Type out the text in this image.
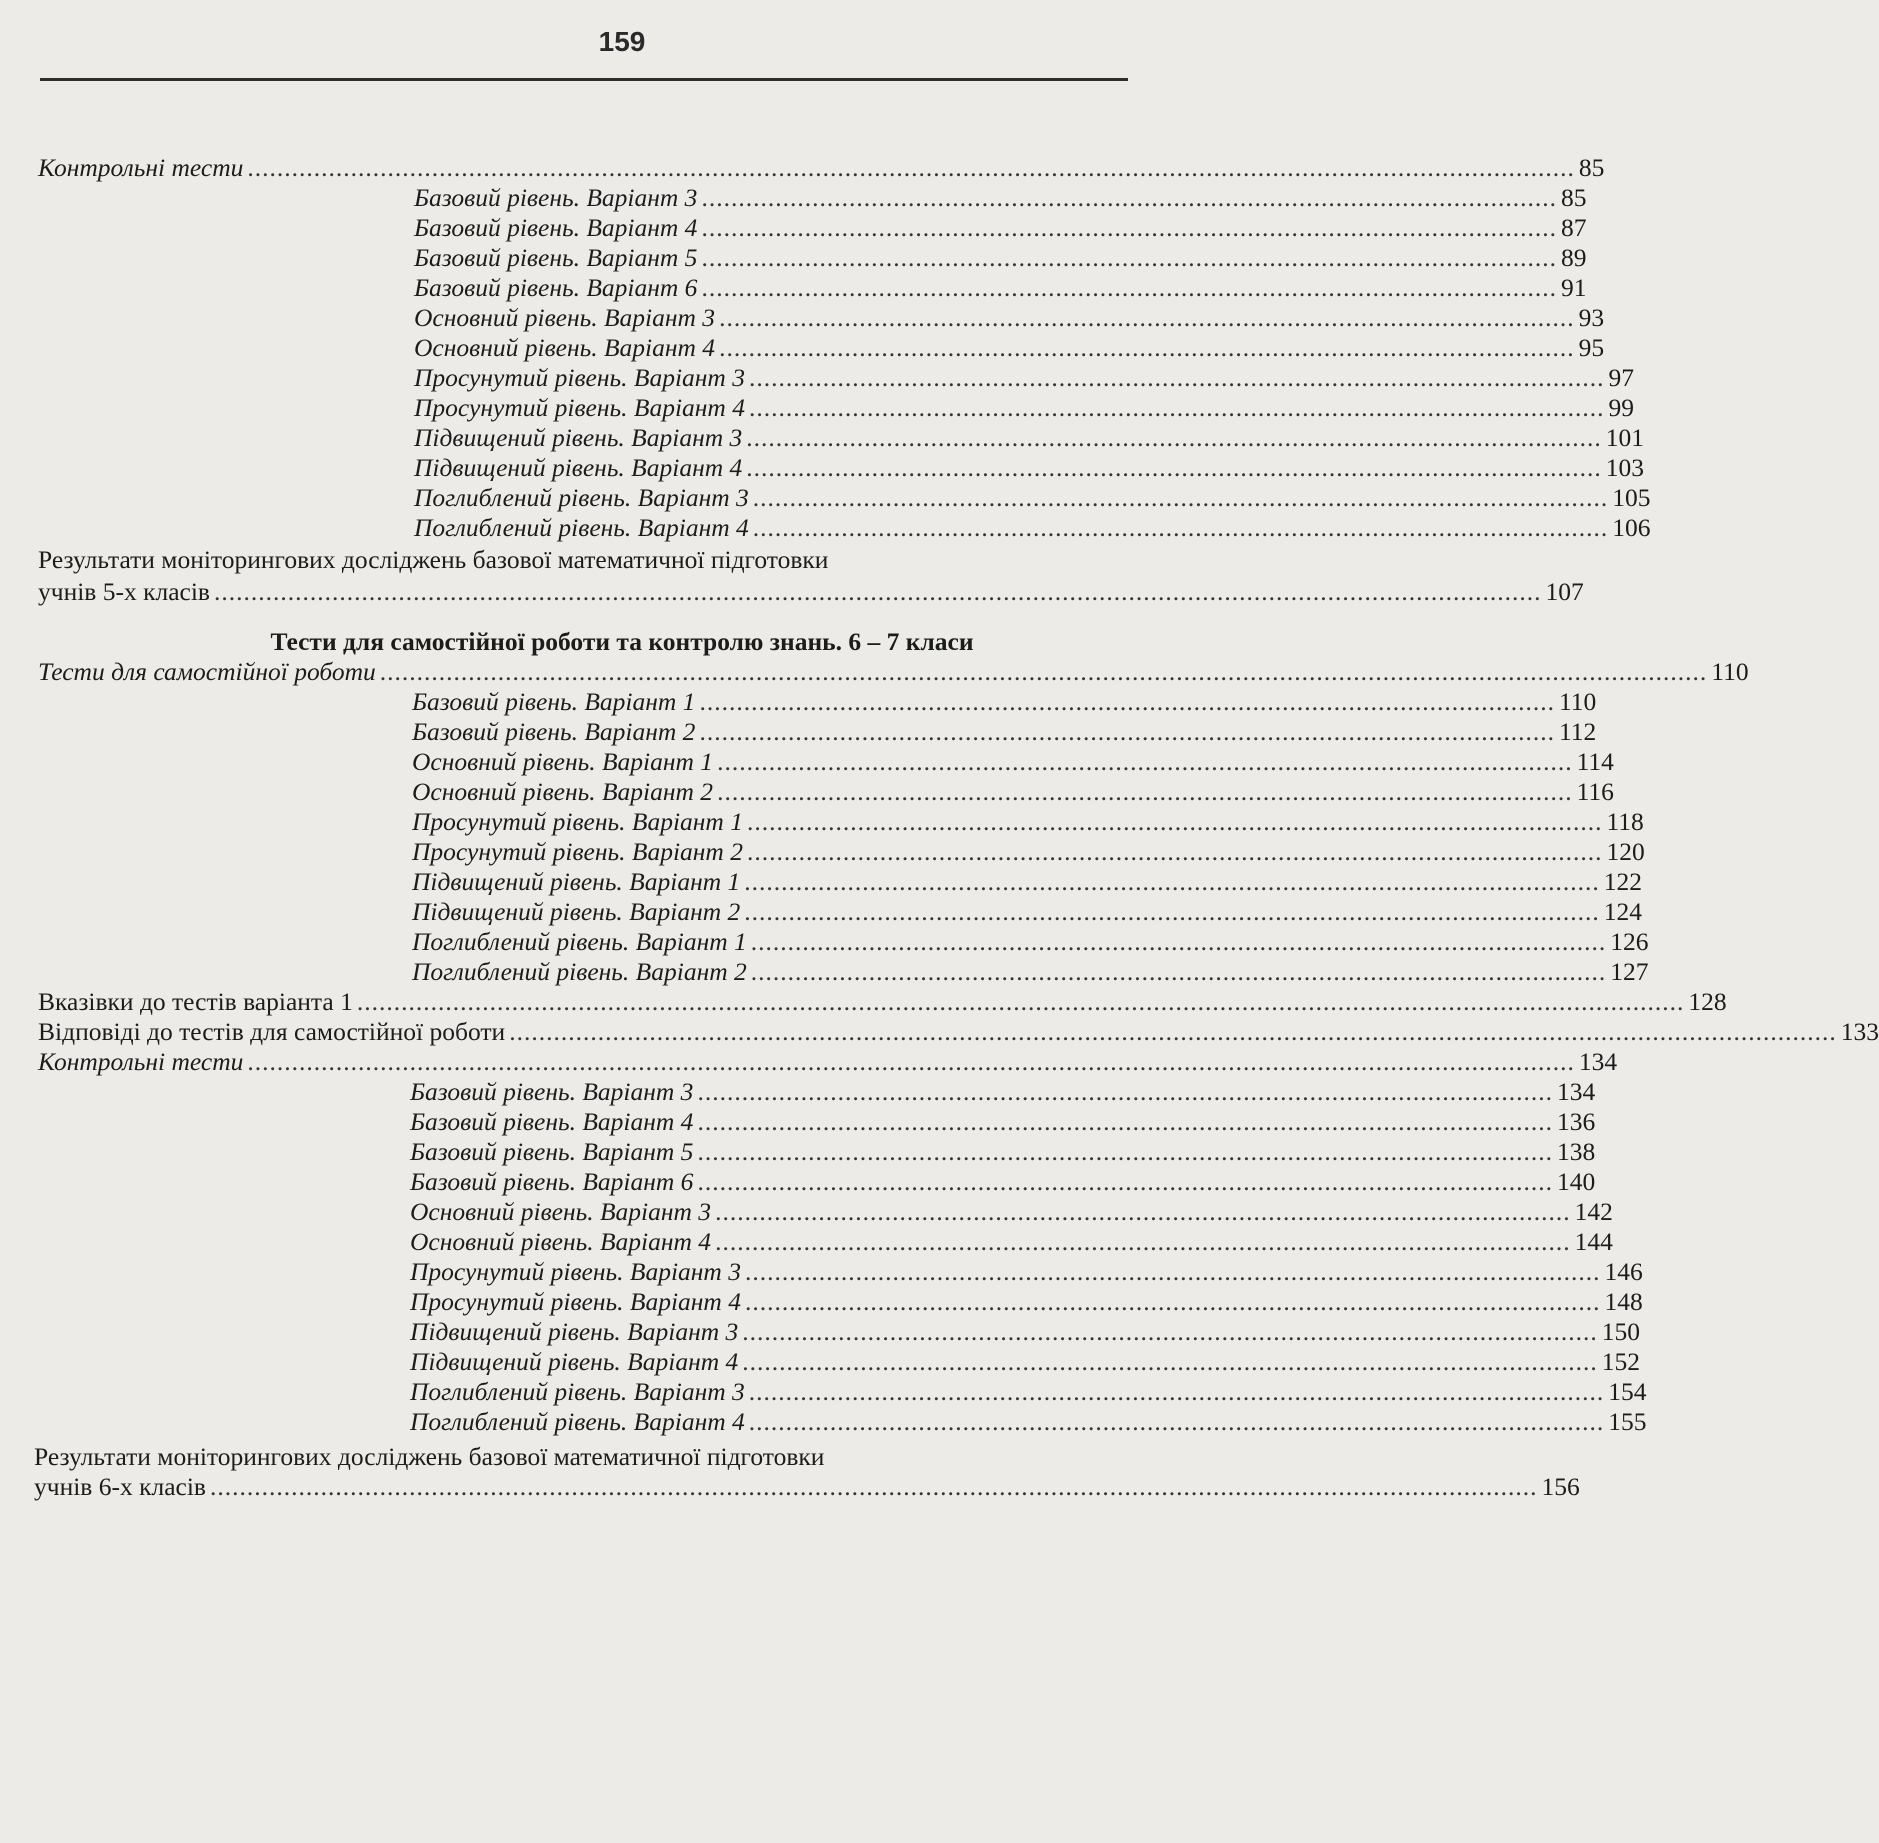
159
Контрольні тести .................................................................................................................................................................................... 85
Базовий рівень. Варіант 3 .................................................................................................................... 85
Базовий рівень. Варіант 4 .................................................................................................................... 87
Базовий рівень. Варіант 5 .................................................................................................................... 89
Базовий рівень. Варіант 6 .................................................................................................................... 91
Основний рівень. Варіант 3 .................................................................................................................... 93
Основний рівень. Варіант 4 .................................................................................................................... 95
Просунутий рівень. Варіант 3 .................................................................................................................... 97
Просунутий рівень. Варіант 4 .................................................................................................................... 99
Підвищений рівень. Варіант 3 .................................................................................................................... 101
Підвищений рівень. Варіант 4 .................................................................................................................... 103
Поглиблений рівень. Варіант 3 .................................................................................................................... 105
Поглиблений рівень. Варіант 4 .................................................................................................................... 106
Результати моніторингових досліджень базової математичної підготовки
учнів 5-х класів .................................................................................................................................................................................... 107
Тести для самостійної роботи та контролю знань. 6 – 7 класи
Тести для самостійної роботи .................................................................................................................................................................................... 110
Базовий рівень. Варіант 1 .................................................................................................................... 110
Базовий рівень. Варіант 2 .................................................................................................................... 112
Основний рівень. Варіант 1 .................................................................................................................... 114
Основний рівень. Варіант 2 .................................................................................................................... 116
Просунутий рівень. Варіант 1 .................................................................................................................... 118
Просунутий рівень. Варіант 2 .................................................................................................................... 120
Підвищений рівень. Варіант 1 .................................................................................................................... 122
Підвищений рівень. Варіант 2 .................................................................................................................... 124
Поглиблений рівень. Варіант 1 .................................................................................................................... 126
Поглиблений рівень. Варіант 2 .................................................................................................................... 127
Вказівки до тестів варіанта 1 .................................................................................................................................................................................... 128
Відповіді до тестів для самостійної роботи .................................................................................................................................................................................... 133
Контрольні тести .................................................................................................................................................................................... 134
Базовий рівень. Варіант 3 .................................................................................................................... 134
Базовий рівень. Варіант 4 .................................................................................................................... 136
Базовий рівень. Варіант 5 .................................................................................................................... 138
Базовий рівень. Варіант 6 .................................................................................................................... 140
Основний рівень. Варіант 3 .................................................................................................................... 142
Основний рівень. Варіант 4 .................................................................................................................... 144
Просунутий рівень. Варіант 3 .................................................................................................................... 146
Просунутий рівень. Варіант 4 .................................................................................................................... 148
Підвищений рівень. Варіант 3 .................................................................................................................... 150
Підвищений рівень. Варіант 4 .................................................................................................................... 152
Поглиблений рівень. Варіант 3 .................................................................................................................... 154
Поглиблений рівень. Варіант 4 .................................................................................................................... 155
Результати моніторингових досліджень базової математичної підготовки
учнів 6-х класів .................................................................................................................................................................................... 156
